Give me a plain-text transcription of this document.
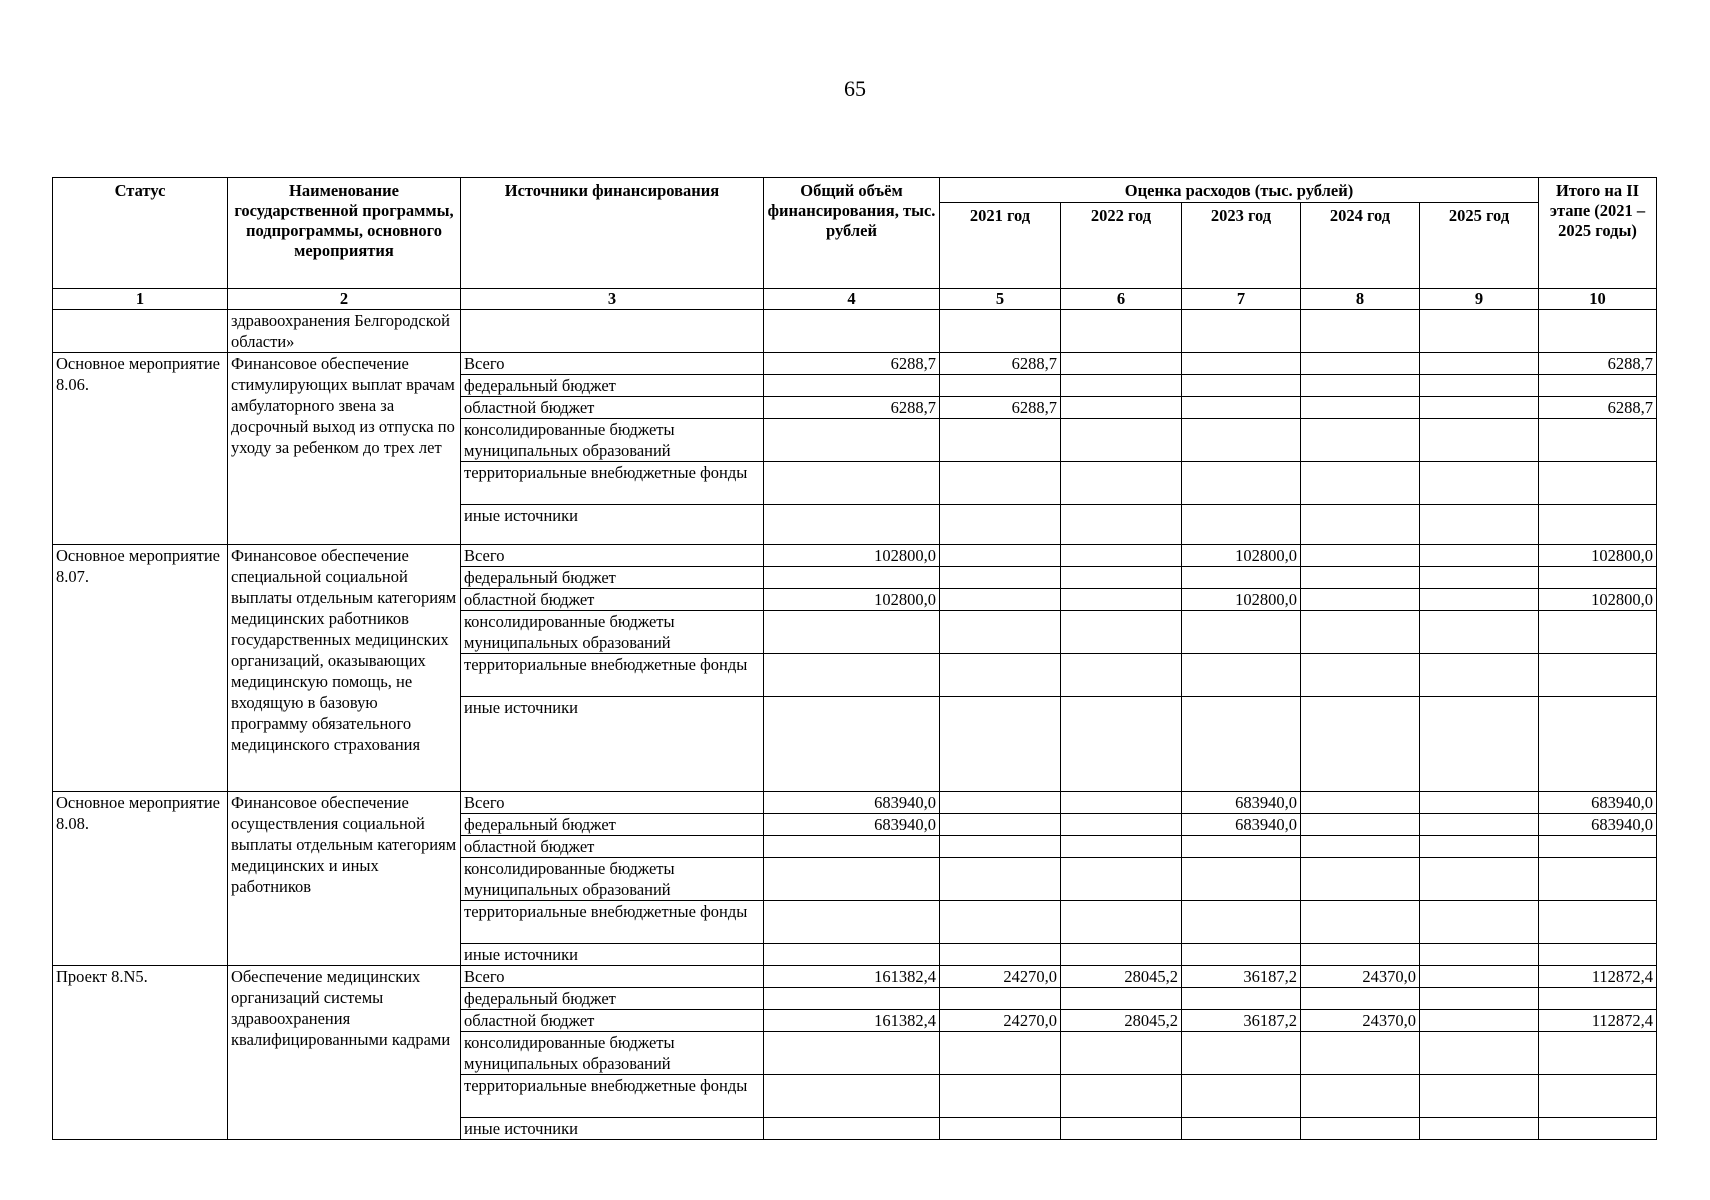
65
Статус	Наименование государственной программы, подпрограммы, основного мероприятия	Источники финансирования	Общий объём финансирования, тыс. рублей	Оценка расходов (тыс. рублей)					Итого на II этапе (2021 – 2025 годы)
				2021 год	2022 год	2023 год	2024 год	2025 год	
1	2	3	4	5	6	7	8	9	10
	здравоохранения Белгородской области»								
Основное мероприятие 8.06.	Финансовое обеспечение стимулирующих выплат врачам амбулаторного звена за досрочный выход из отпуска по уходу за ребенком до трех лет	Всего	6288,7	6288,7					6288,7
		федеральный бюджет							
		областной бюджет	6288,7	6288,7					6288,7
		консолидированные бюджеты муниципальных образований							
		территориальные внебюджетные фонды							
		иные источники							
Основное мероприятие 8.07.	Финансовое обеспечение специальной социальной выплаты отдельным категориям медицинских работников государственных медицинских организаций, оказывающих медицинскую помощь, не входящую в базовую программу обязательного медицинского страхования	Всего	102800,0			102800,0			102800,0
		федеральный бюджет							
		областной бюджет	102800,0			102800,0			102800,0
		консолидированные бюджеты муниципальных образований							
		территориальные внебюджетные фонды							
		иные источники							
Основное мероприятие 8.08.	Финансовое обеспечение осуществления социальной выплаты отдельным категориям медицинских и иных работников	Всего	683940,0			683940,0			683940,0
		федеральный бюджет	683940,0			683940,0			683940,0
		областной бюджет							
		консолидированные бюджеты муниципальных образований							
		территориальные внебюджетные фонды							
		иные источники							
Проект 8.N5.	Обеспечение медицинских организаций системы здравоохранения квалифицированными кадрами	Всего	161382,4	24270,0	28045,2	36187,2	24370,0		112872,4
		федеральный бюджет							
		областной бюджет	161382,4	24270,0	28045,2	36187,2	24370,0		112872,4
		консолидированные бюджеты муниципальных образований							
		территориальные внебюджетные фонды							
		иные источники							
